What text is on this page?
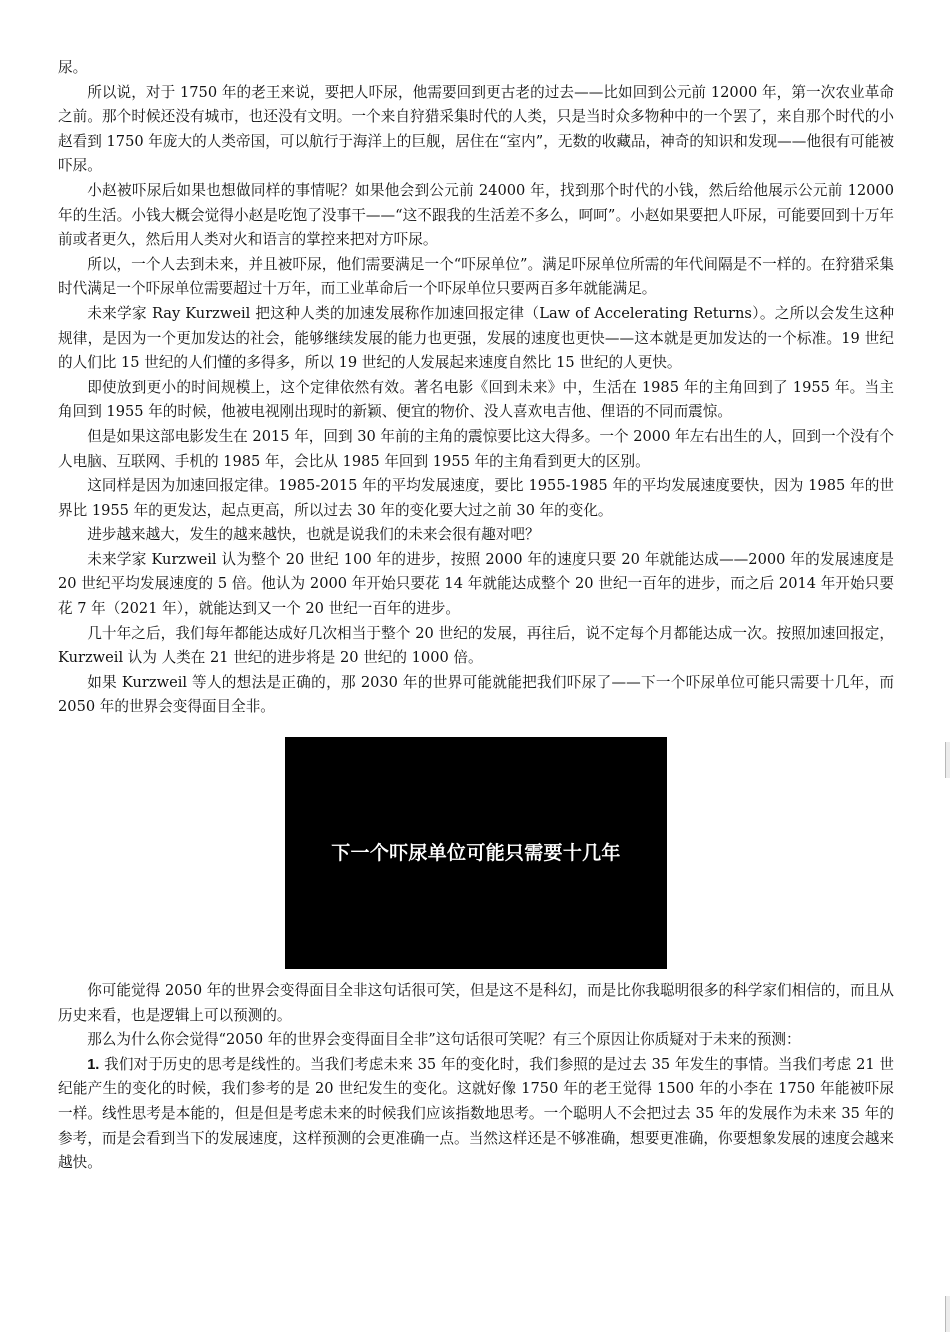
尿。

所以说，对于 1750 年的老王来说，要把人吓尿，他需要回到更古老的过去——比如回到公元前 12000 年，第一次农业革命之前。那个时候还没有城市，也还没有文明。一个来自狩猎采集时代的人类，只是当时众多物种中的一个罢了，来自那个时代的小赵看到 1750 年庞大的人类帝国，可以航行于海洋上的巨舰，居住在“室内”，无数的收藏品，神奇的知识和发现——他很有可能被吓尿。

小赵被吓尿后如果也想做同样的事情呢？如果他会到公元前 24000 年，找到那个时代的小钱，然后给他展示公元前 12000 年的生活。小钱大概会觉得小赵是吃饱了没事干——“这不跟我的生活差不多么，呵呵”。小赵如果要把人吓尿，可能要回到十万年前或者更久，然后用人类对火和语言的掌控来把对方吓尿。

所以，一个人去到未来，并且被吓尿，他们需要满足一个“吓尿单位”。满足吓尿单位所需的年代间隔是不一样的。在狩猎采集时代满足一个吓尿单位需要超过十万年，而工业革命后一个吓尿单位只要两百多年就能满足。

未来学家 Ray Kurzweil 把这种人类的加速发展称作加速回报定律（Law of Accelerating Returns）。之所以会发生这种规律，是因为一个更加发达的社会，能够继续发展的能力也更强，发展的速度也更快——这本就是更加发达的一个标准。19 世纪的人们比 15 世纪的人们懂的多得多，所以 19 世纪的人发展起来速度自然比 15 世纪的人更快。

即使放到更小的时间规模上，这个定律依然有效。著名电影《回到未来》中，生活在 1985 年的主角回到了 1955 年。当主角回到 1955 年的时候，他被电视刚出现时的新颖、便宜的物价、没人喜欢电吉他、俚语的不同而震惊。

但是如果这部电影发生在 2015 年，回到 30 年前的主角的震惊要比这大得多。一个 2000 年左右出生的人，回到一个没有个人电脑、互联网、手机的 1985 年，会比从 1985 年回到 1955 年的主角看到更大的区别。

这同样是因为加速回报定律。1985-2015 年的平均发展速度，要比 1955-1985 年的平均发展速度要快，因为 1985 年的世界比 1955 年的更发达，起点更高，所以过去 30 年的变化要大过之前 30 年的变化。

进步越来越大，发生的越来越快，也就是说我们的未来会很有趣对吧？

未来学家 Kurzweil 认为整个 20 世纪 100 年的进步，按照 2000 年的速度只要 20 年就能达成——2000 年的发展速度是 20 世纪平均发展速度的 5 倍。他认为 2000 年开始只要花 14 年就能达成整个 20 世纪一百年的进步，而之后 2014 年开始只要花 7 年（2021 年），就能达到又一个 20 世纪一百年的进步。

几十年之后，我们每年都能达成好几次相当于整个 20 世纪的发展，再往后，说不定每个月都能达成一次。按照加速回报定，Kurzweil 认为 人类在 21 世纪的进步将是 20 世纪的 1000 倍。

如果 Kurzweil 等人的想法是正确的，那 2030 年的世界可能就能把我们吓尿了——下一个吓尿单位可能只需要十几年，而 2050 年的世界会变得面目全非。

下一个吓尿单位可能只需要十几年

你可能觉得 2050 年的世界会变得面目全非这句话很可笑，但是这不是科幻，而是比你我聪明很多的科学家们相信的，而且从历史来看，也是逻辑上可以预测的。

那么为什么你会觉得“2050 年的世界会变得面目全非”这句话很可笑呢？有三个原因让你质疑对于未来的预测：

1. 我们对于历史的思考是线性的。当我们考虑未来 35 年的变化时，我们参照的是过去 35 年发生的事情。当我们考虑 21 世纪能产生的变化的时候，我们参考的是 20 世纪发生的变化。这就好像 1750 年的老王觉得 1500 年的小李在 1750 年能被吓尿一样。线性思考是本能的，但是但是考虑未来的时候我们应该指数地思考。一个聪明人不会把过去 35 年的发展作为未来 35 年的参考，而是会看到当下的发展速度，这样预测的会更准确一点。当然这样还是不够准确，想要更准确，你要想象发展的速度会越来越快。
